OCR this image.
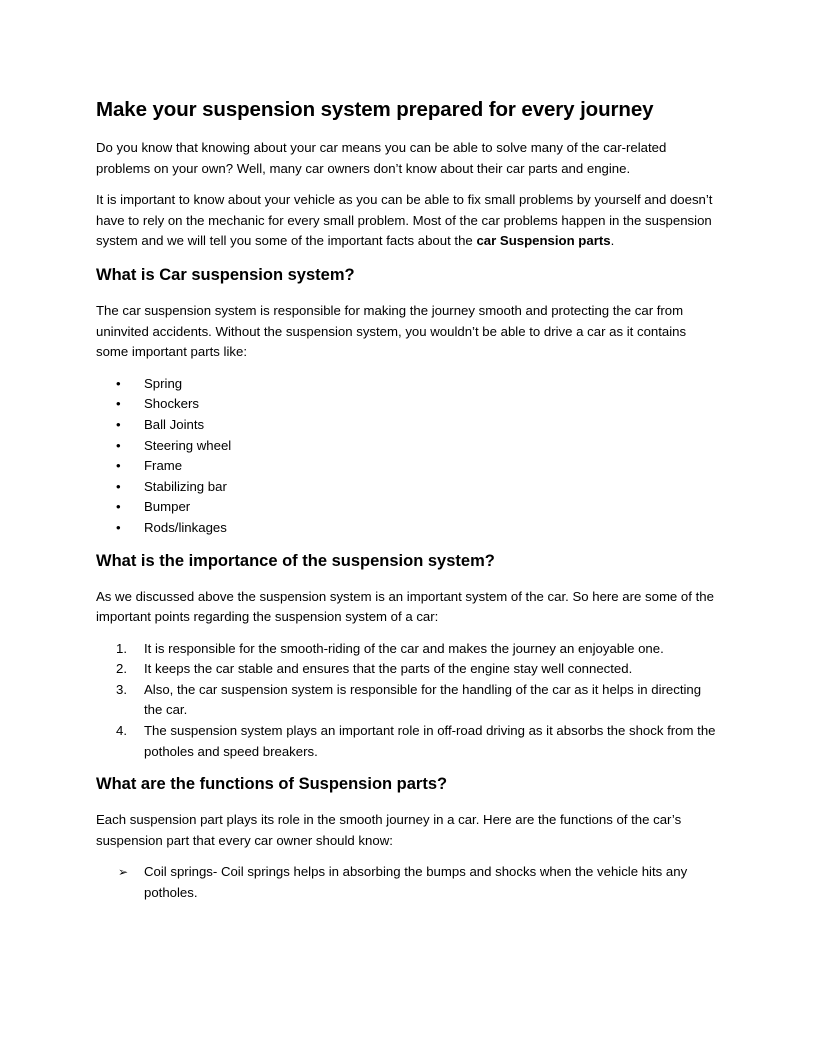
Make your suspension system prepared for every journey

Do you know that knowing about your car means you can be able to solve many of the car-related problems on your own? Well, many car owners don’t know about their car parts and engine.

It is important to know about your vehicle as you can be able to fix small problems by yourself and doesn’t have to rely on the mechanic for every small problem. Most of the car problems happen in the suspension system and we will tell you some of the important facts about the car Suspension parts.

What is Car suspension system?

The car suspension system is responsible for making the journey smooth and protecting the car from uninvited accidents. Without the suspension system, you wouldn’t be able to drive a car as it contains some important parts like:

•	Spring
•	Shockers
•	Ball Joints
•	Steering wheel
•	Frame
•	Stabilizing bar
•	Bumper
•	Rods/linkages
What is the importance of the suspension system?

As we discussed above the suspension system is an important system of the car. So here are some of the important points regarding the suspension system of a car:

1.	It is responsible for the smooth-riding of the car and makes the journey an enjoyable one.
2.	It keeps the car stable and ensures that the parts of the engine stay well connected.
3.	Also, the car suspension system is responsible for the handling of the car as it helps in directing the car.
4.	The suspension system plays an important role in off-road driving as it absorbs the shock from the potholes and speed breakers.
What are the functions of Suspension parts?

Each suspension part plays its role in the smooth journey in a car. Here are the functions of the car’s suspension part that every car owner should know:

➢	Coil springs- Coil springs helps in absorbing the bumps and shocks when the vehicle hits any potholes.
